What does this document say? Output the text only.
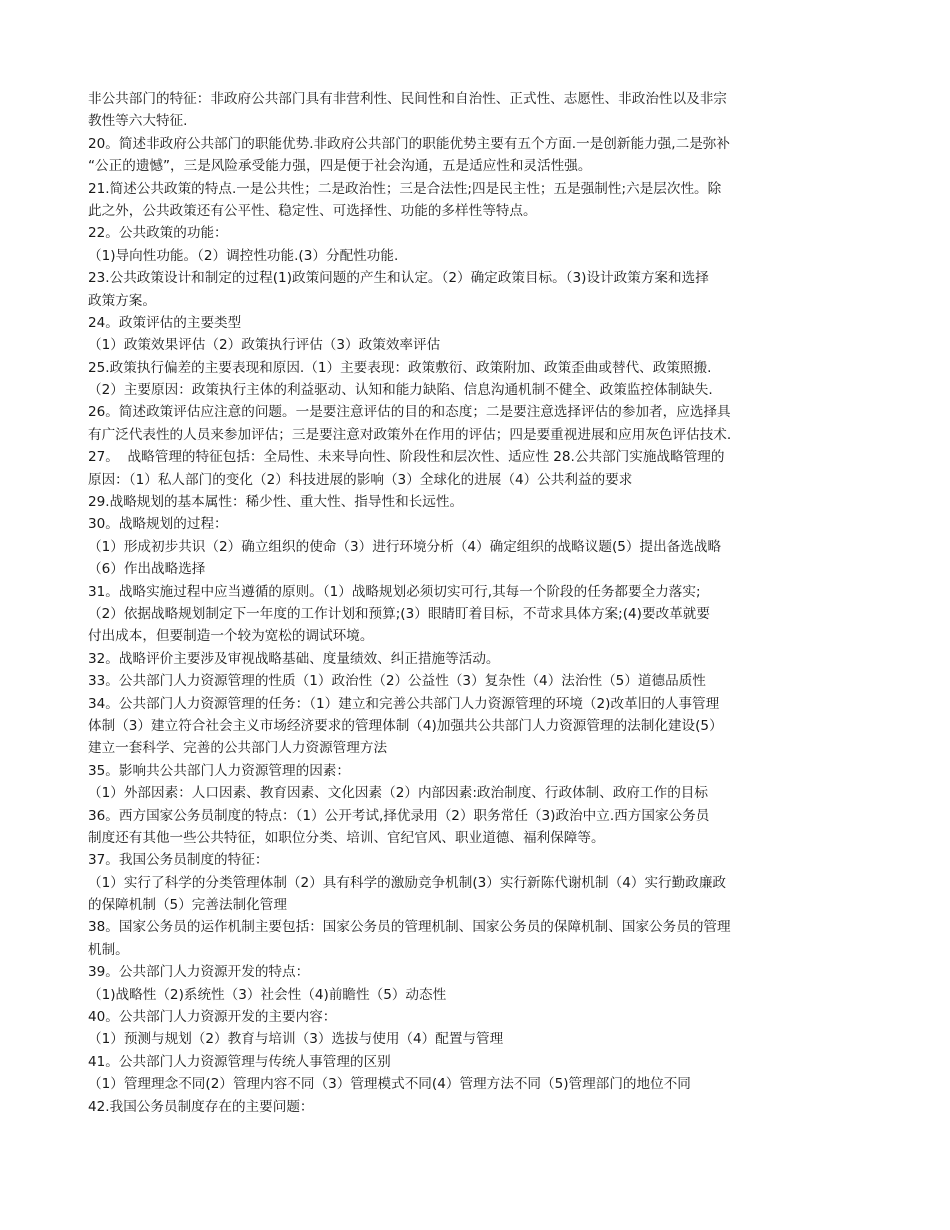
非公共部门的特征：非政府公共部门具有非营利性、民间性和自治性、正式性、志愿性、非政治性以及非宗
教性等六大特征.
20。简述非政府公共部门的职能优势.非政府公共部门的职能优势主要有五个方面.一是创新能力强,二是弥补
“公正的遗憾”，三是风险承受能力强，四是便于社会沟通，五是适应性和灵活性强。
21.简述公共政策的特点.一是公共性；二是政治性；三是合法性;四是民主性；五是强制性;六是层次性。除
此之外，公共政策还有公平性、稳定性、可选择性、功能的多样性等特点。
22。公共政策的功能：
（1)导向性功能。（2）调控性功能.(3）分配性功能.
23.公共政策设计和制定的过程(1)政策问题的产生和认定。（2）确定政策目标。（3)设计政策方案和选择
政策方案。
24。政策评估的主要类型
（1）政策效果评估（2）政策执行评估（3）政策效率评估
25.政策执行偏差的主要表现和原因.（1）主要表现：政策敷衍、政策附加、政策歪曲或替代、政策照搬.
（2）主要原因：政策执行主体的利益驱动、认知和能力缺陷、信息沟通机制不健全、政策监控体制缺失.
26。简述政策评估应注意的问题。一是要注意评估的目的和态度；二是要注意选择评估的参加者，应选择具
有广泛代表性的人员来参加评估；三是要注意对政策外在作用的评估；四是要重视进展和应用灰色评估技术.
27。  战略管理的特征包括：全局性、未来导向性、阶段性和层次性、适应性 28.公共部门实施战略管理的
原因：（1）私人部门的变化（2）科技进展的影响（3）全球化的进展（4）公共利益的要求
29.战略规划的基本属性：稀少性、重大性、指导性和长远性。
30。战略规划的过程：
（1）形成初步共识（2）确立组织的使命（3）进行环境分析（4）确定组织的战略议题(5）提出备选战略
（6）作出战略选择
31。战略实施过程中应当遵循的原则。（1）战略规划必须切实可行,其每一个阶段的任务都要全力落实;
（2）依据战略规划制定下一年度的工作计划和预算;(3）眼睛盯着目标，不苛求具体方案;(4)要改革就要
付出成本，但要制造一个较为宽松的调试环境。
32。战略评价主要涉及审视战略基础、度量绩效、纠正措施等活动。
33。公共部门人力资源管理的性质（1）政治性（2）公益性（3）复杂性（4）法治性（5）道德品质性
34。公共部门人力资源管理的任务：（1）建立和完善公共部门人力资源管理的环境（2)改革旧的人事管理
体制（3）建立符合社会主义市场经济要求的管理体制（4)加强共公共部门人力资源管理的法制化建设(5）
建立一套科学、完善的公共部门人力资源管理方法
35。影响共公共部门人力资源管理的因素：
（1）外部因素：人口因素、教育因素、文化因素（2）内部因素:政治制度、行政体制、政府工作的目标
36。西方国家公务员制度的特点：（1）公开考试,择优录用（2）职务常任（3)政治中立.西方国家公务员
制度还有其他一些公共特征，如职位分类、培训、官纪官风、职业道德、福利保障等。
37。我国公务员制度的特征：
（1）实行了科学的分类管理体制（2）具有科学的激励竞争机制(3）实行新陈代谢机制（4）实行勤政廉政
的保障机制（5）完善法制化管理
38。国家公务员的运作机制主要包括：国家公务员的管理机制、国家公务员的保障机制、国家公务员的管理
机制。
39。公共部门人力资源开发的特点：
（1)战略性（2)系统性（3）社会性（4)前瞻性（5）动态性
40。公共部门人力资源开发的主要内容：
（1）预测与规划（2）教育与培训（3）选拔与使用（4）配置与管理
41。公共部门人力资源管理与传统人事管理的区别
（1）管理理念不同(2）管理内容不同（3）管理模式不同(4）管理方法不同（5)管理部门的地位不同
42.我国公务员制度存在的主要问题：
